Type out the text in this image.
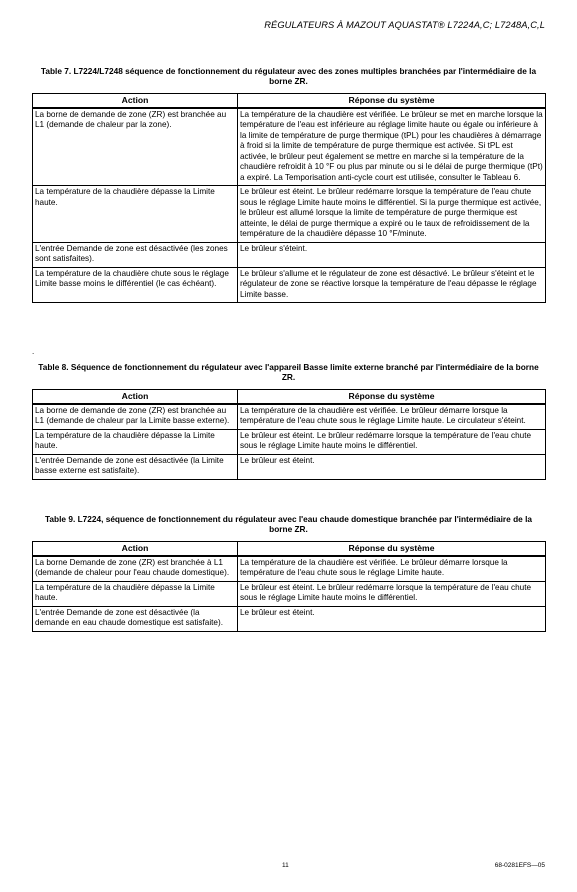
RÉGULATEURS À MAZOUT AQUASTAT® L7224A,C; L7248A,C,L
Table 7. L7224/L7248 séquence de fonctionnement du régulateur avec des zones multiples branchées par l'intermédiaire de la borne ZR.
Action	Réponse du système
La borne de demande de zone (ZR) est branchée au L1 (demande de chaleur par la zone).	La température de la chaudière est vérifiée. Le brûleur se met en marche lorsque la température de l'eau est inférieure au réglage limite haute ou égale ou inférieure à la limite de température de purge thermique (tPL) pour les chaudières à démarrage à froid si la limite de température de purge thermique est activée. Si tPL est activée, le brûleur peut également se mettre en marche si la température de la chaudière refroidit à 10 °F ou plus par minute ou si le délai de purge thermique (tPt) a expiré. La Temporisation anti-cycle court est utilisée, consulter le Tableau 6.
La température de la chaudière dépasse la Limite haute.	Le brûleur est éteint. Le brûleur redémarre lorsque la température de l'eau chute sous le réglage Limite haute moins le différentiel. Si la purge thermique est activée, le brûleur est allumé lorsque la limite de température de purge thermique est atteinte, le délai de purge thermique a expiré ou le taux de refroidissement de la température de la chaudière dépasse 10 °F/minute.
L'entrée Demande de zone est désactivée (les zones sont satisfaites).	Le brûleur s'éteint.
La température de la chaudière chute sous le réglage Limite basse moins le différentiel (le cas échéant).	Le brûleur s'allume et le régulateur de zone est désactivé. Le brûleur s'éteint et le régulateur de zone se réactive lorsque la température de l'eau dépasse le réglage Limite basse.
.
Table 8. Séquence de fonctionnement du régulateur avec l'appareil Basse limite externe branché par l'intermédiaire de la borne ZR.
Action	Réponse du système
La borne de demande de zone (ZR) est branchée au L1 (demande de chaleur par la Limite basse externe).	La température de la chaudière est vérifiée. Le brûleur démarre lorsque la température de l'eau chute sous le réglage Limite haute. Le circulateur s'éteint.
La température de la chaudière dépasse la Limite haute.	Le brûleur est éteint. Le brûleur redémarre lorsque la température de l'eau chute sous le réglage Limite haute moins le différentiel.
L'entrée Demande de zone est désactivée (la Limite basse externe est satisfaite).	Le brûleur est éteint.
Table 9. L7224, séquence de fonctionnement du régulateur avec l'eau chaude domestique branchée par l'intermédiaire de la borne ZR.
Action	Réponse du système
La borne Demande de zone (ZR) est branchée à L1 (demande de chaleur pour l'eau chaude domestique).	La température de la chaudière est vérifiée. Le brûleur démarre lorsque la température de l'eau chute sous le réglage Limite haute.
La température de la chaudière dépasse la Limite haute.	Le brûleur est éteint. Le brûleur redémarre lorsque la température de l'eau chute sous le réglage Limite haute moins le différentiel.
L'entrée Demande de zone est désactivée (la demande en eau chaude domestique est satisfaite).	Le brûleur est éteint.
11	68-0281EFS—05
